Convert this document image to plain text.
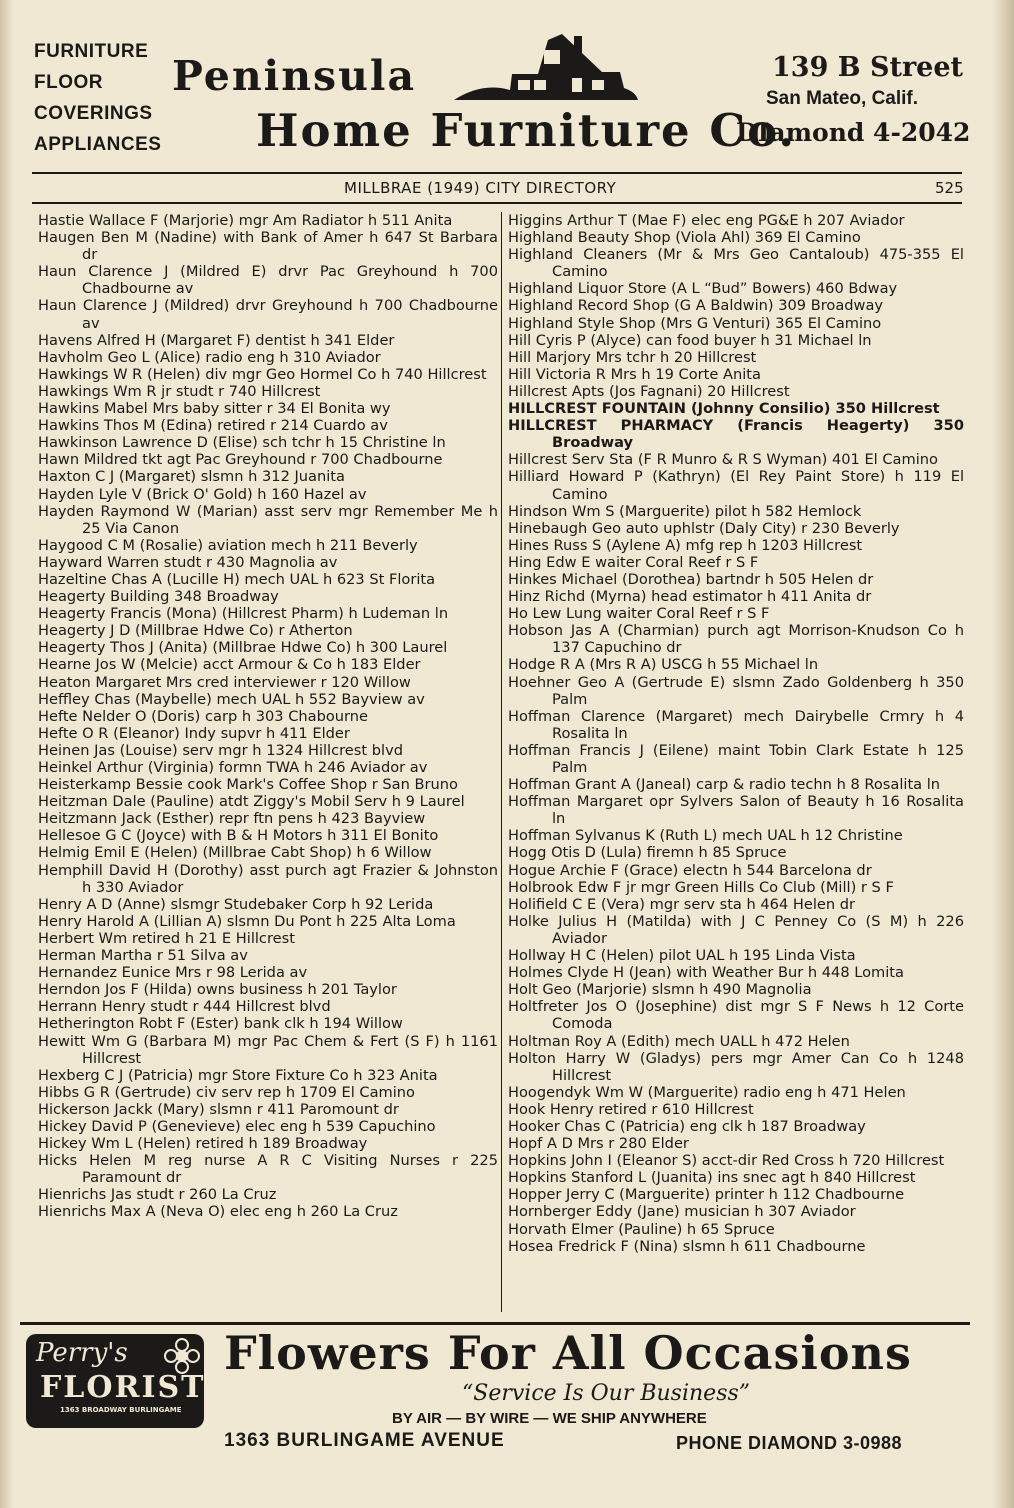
FURNITURE
FLOOR
COVERINGS
APPLIANCES
Peninsula
Home Furniture Co.
139 B Street
San Mateo, Calif.
DIamond 4-2042
MILLBRAE (1949) CITY DIRECTORY	525
Hastie Wallace F (Marjorie) mgr Am Radiator h 511 Anita
Haugen Ben M (Nadine) with Bank of Amer h 647 St Barbara dr
Haun Clarence J (Mildred E) drvr Pac Greyhound h 700 Chadbourne av
Haun Clarence J (Mildred) drvr Greyhound h 700 Chadbourne av
Havens Alfred H (Margaret F) dentist h 341 Elder
Havholm Geo L (Alice) radio eng h 310 Aviador
Hawkings W R (Helen) div mgr Geo Hormel Co h 740 Hillcrest
Hawkings Wm R jr studt r 740 Hillcrest
Hawkins Mabel Mrs baby sitter r 34 El Bonita wy
Hawkins Thos M (Edina) retired r 214 Cuardo av
Hawkinson Lawrence D (Elise) sch tchr h 15 Christine ln
Hawn Mildred tkt agt Pac Greyhound r 700 Chadbourne
Haxton C J (Margaret) slsmn h 312 Juanita
Hayden Lyle V (Brick O' Gold) h 160 Hazel av
Hayden Raymond W (Marian) asst serv mgr Remember Me h 25 Via Canon
Haygood C M (Rosalie) aviation mech h 211 Beverly
Hayward Warren studt r 430 Magnolia av
Hazeltine Chas A (Lucille H) mech UAL h 623 St Florita
Heagerty Building 348 Broadway
Heagerty Francis (Mona) (Hillcrest Pharm) h Ludeman ln
Heagerty J D (Millbrae Hdwe Co) r Atherton
Heagerty Thos J (Anita) (Millbrae Hdwe Co) h 300 Laurel
Hearne Jos W (Melcie) acct Armour & Co h 183 Elder
Heaton Margaret Mrs cred interviewer r 120 Willow
Heffley Chas (Maybelle) mech UAL h 552 Bayview av
Hefte Nelder O (Doris) carp h 303 Chabourne
Hefte O R (Eleanor) Indy supvr h 411 Elder
Heinen Jas (Louise) serv mgr h 1324 Hillcrest blvd
Heinkel Arthur (Virginia) formn TWA h 246 Aviador av
Heisterkamp Bessie cook Mark's Coffee Shop r San Bruno
Heitzman Dale (Pauline) atdt Ziggy's Mobil Serv h 9 Laurel
Heitzmann Jack (Esther) repr ftn pens h 423 Bayview
Hellesoe G C (Joyce) with B & H Motors h 311 El Bonito
Helmig Emil E (Helen) (Millbrae Cabt Shop) h 6 Willow
Hemphill David H (Dorothy) asst purch agt Frazier & Johnston h 330 Aviador
Henry A D (Anne) slsmgr Studebaker Corp h 92 Lerida
Henry Harold A (Lillian A) slsmn Du Pont h 225 Alta Loma
Herbert Wm retired h 21 E Hillcrest
Herman Martha r 51 Silva av
Hernandez Eunice Mrs r 98 Lerida av
Herndon Jos F (Hilda) owns business h 201 Taylor
Herrann Henry studt r 444 Hillcrest blvd
Hetherington Robt F (Ester) bank clk h 194 Willow
Hewitt Wm G (Barbara M) mgr Pac Chem & Fert (S F) h 1161 Hillcrest
Hexberg C J (Patricia) mgr Store Fixture Co h 323 Anita
Hibbs G R (Gertrude) civ serv rep h 1709 El Camino
Hickerson Jackk (Mary) slsmn r 411 Paromount dr
Hickey David P (Genevieve) elec eng h 539 Capuchino
Hickey Wm L (Helen) retired h 189 Broadway
Hicks Helen M reg nurse A R C Visiting Nurses r 225 Paramount dr
Hienrichs Jas studt r 260 La Cruz
Hienrichs Max A (Neva O) elec eng h 260 La Cruz
Higgins Arthur T (Mae F) elec eng PG&E h 207 Aviador
Highland Beauty Shop (Viola Ahl) 369 El Camino
Highland Cleaners (Mr & Mrs Geo Cantaloub) 475-355 El Camino
Highland Liquor Store (A L “Bud” Bowers) 460 Bdway
Highland Record Shop (G A Baldwin) 309 Broadway
Highland Style Shop (Mrs G Venturi) 365 El Camino
Hill Cyris P (Alyce) can food buyer h 31 Michael ln
Hill Marjory Mrs tchr h 20 Hillcrest
Hill Victoria R Mrs h 19 Corte Anita
Hillcrest Apts (Jos Fagnani) 20 Hillcrest
HILLCREST FOUNTAIN (Johnny Consilio) 350 Hillcrest
HILLCREST PHARMACY (Francis Heagerty) 350 Broadway
Hillcrest Serv Sta (F R Munro & R S Wyman) 401 El Camino
Hilliard Howard P (Kathryn) (El Rey Paint Store) h 119 El Camino
Hindson Wm S (Marguerite) pilot h 582 Hemlock
Hinebaugh Geo auto uphlstr (Daly City) r 230 Beverly
Hines Russ S (Aylene A) mfg rep h 1203 Hillcrest
Hing Edw E waiter Coral Reef r S F
Hinkes Michael (Dorothea) bartndr h 505 Helen dr
Hinz Richd (Myrna) head estimator h 411 Anita dr
Ho Lew Lung waiter Coral Reef r S F
Hobson Jas A (Charmian) purch agt Morrison-Knudson Co h 137 Capuchino dr
Hodge R A (Mrs R A) USCG h 55 Michael ln
Hoehner Geo A (Gertrude E) slsmn Zado Goldenberg h 350 Palm
Hoffman Clarence (Margaret) mech Dairybelle Crmry h 4 Rosalita ln
Hoffman Francis J (Eilene) maint Tobin Clark Estate h 125 Palm
Hoffman Grant A (Janeal) carp & radio techn h 8 Rosalita ln
Hoffman Margaret opr Sylvers Salon of Beauty h 16 Rosalita ln
Hoffman Sylvanus K (Ruth L) mech UAL h 12 Christine
Hogg Otis D (Lula) firemn h 85 Spruce
Hogue Archie F (Grace) electn h 544 Barcelona dr
Holbrook Edw F jr mgr Green Hills Co Club (Mill) r S F
Holifield C E (Vera) mgr serv sta h 464 Helen dr
Holke Julius H (Matilda) with J C Penney Co (S M) h 226 Aviador
Hollway H C (Helen) pilot UAL h 195 Linda Vista
Holmes Clyde H (Jean) with Weather Bur h 448 Lomita
Holt Geo (Marjorie) slsmn h 490 Magnolia
Holtfreter Jos O (Josephine) dist mgr S F News h 12 Corte Comoda
Holtman Roy A (Edith) mech UALL h 472 Helen
Holton Harry W (Gladys) pers mgr Amer Can Co h 1248 Hillcrest
Hoogendyk Wm W (Marguerite) radio eng h 471 Helen
Hook Henry retired r 610 Hillcrest
Hooker Chas C (Patricia) eng clk h 187 Broadway
Hopf A D Mrs r 280 Elder
Hopkins John I (Eleanor S) acct-dir Red Cross h 720 Hillcrest
Hopkins Stanford L (Juanita) ins snec agt h 840 Hillcrest
Hopper Jerry C (Marguerite) printer h 112 Chadbourne
Hornberger Eddy (Jane) musician h 307 Aviador
Horvath Elmer (Pauline) h 65 Spruce
Hosea Fredrick F (Nina) slsmn h 611 Chadbourne
Perry's
FLORIST
1363 BROADWAY BURLINGAME
Flowers For All Occasions
“Service Is Our Business”
BY AIR — BY WIRE — WE SHIP ANYWHERE
1363 BURLINGAME AVENUE	PHONE DIAMOND 3-0988
